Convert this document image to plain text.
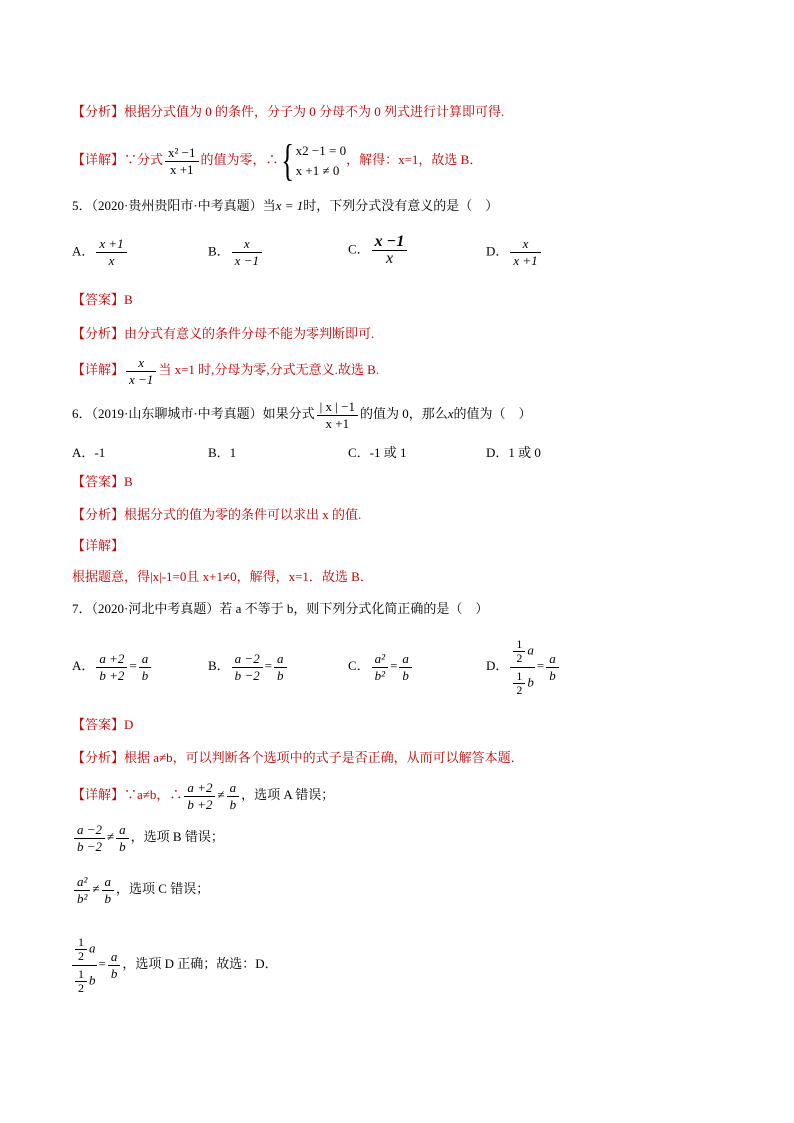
【分析】根据分式值为 0 的条件，分子为 0 分母不为 0 列式进行计算即可得.
【详解】∵分式 $\frac{\text{x² −1}}{x +1}$ 的值为零，∴{ x2 −1 = 0
x +1 ≠ 0
，解得：x=1，故选 B．
5．（2020·贵州贵阳市·中考真题）当x = 1时，下列分式没有意义的是（　）
A． $\frac{x +1}{x}$	B． $\frac{x}{x -1}$	C． $\frac{x -1}{x}$	D． $\frac{x}{x +1}$
【答案】B
【分析】由分式有意义的条件分母不能为零判断即可.
【详解】 $\frac{x}{x -1}$ 当 x=1 时,分母为零,分式无意义.故选 B.
6．（2019·山东聊城市·中考真题）如果分式 $\frac{| x | -1}{x +1}$ 的值为 0，那么x的值为（　）
A．-1	B．1	C．-1 或 1	D．1 或 0
【答案】B
【分析】根据分式的值为零的条件可以求出 x 的值.
【详解】
根据题意，得|x|-1=0且 x+1≠0，解得，x=1．故选 B．
7．（2020·河北中考真题）若 a 不等于 b，则下列分式化简正确的是（　）
A． $\frac{a +2}{b +2} = \frac{a}{b}$	B． $\frac{a -2}{b -2} = \frac{a}{b}$	C． $\frac{\text{a²}}{\text{b²}} = \frac{a}{b}$	D． $\frac{\frac{1}{2} a}{\frac{1}{2} b} = \frac{a}{b}$
【答案】D
【分析】根据 a≠b，可以判断各个选项中的式子是否正确，从而可以解答本题．
【详解】∵a≠b，∴ $\frac{a +2}{b +2} \ne \frac{a}{b}$ ，选项 A 错误；
$\frac{a -2}{b -2} \ne \frac{a}{b}$ ，选项 B 错误；
$\frac{\text{a²}}{\text{b²}} \ne \frac{a}{b}$ ，选项 C 错误；
$\frac{\frac{1}{2} a}{\frac{1}{2} b} = \frac{a}{b}$ ，选项 D 正确；故选：D．
